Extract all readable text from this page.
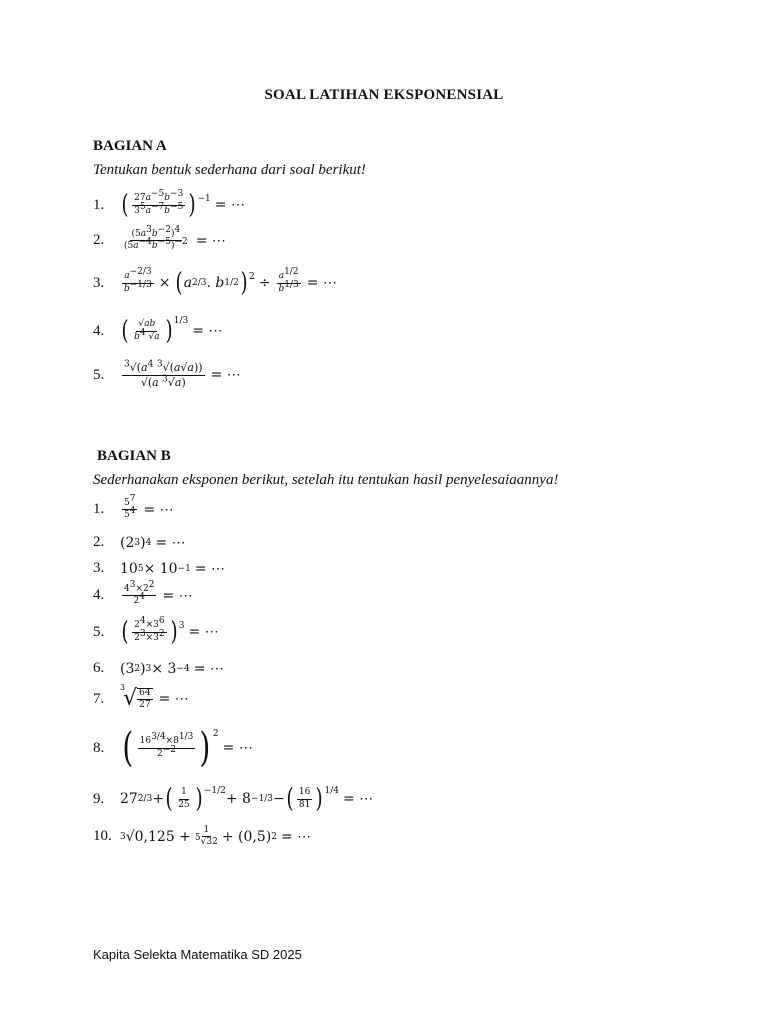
SOAL LATIHAN EKSPONENSIAL
BAGIAN A
Tentukan bentuk sederhana dari soal berikut!
1. ( $\frac{27𝑎^{-5}𝑏^{-3}}{3^5𝑎^{-7}𝑏^{-5}} )^{-1}$ = ⋯
2.	$\frac{(5𝑎^3𝑏^{-2})^4}{(5𝑎^{-4}𝑏^{-5})^{-2}}$ = ⋯
3.	$\frac{𝑎^{-2/3}}{𝑏^{-1/3}}$ × ( 𝑎 2/3 . 𝑏 1/2 )$^2 \div \frac{𝑎^{1/2}}{𝑏^{1/3}}$ = ⋯
4. ( $\frac{\text{√𝑎𝑏}}{𝑏^4 √𝑎} )^{1/3}$
= ⋯
5.	$\frac{^3√(𝑎^4 ^3√(𝑎√𝑎))}{√(𝑎 ^3√𝑎)}$ = ⋯
BAGIAN B
Sederhanakan eksponen berikut, setelah itu tentukan hasil penyelesaiaannya!
1.	$\frac{5^7}{5^4}$ = ⋯
2.	(2 3 ) 4 = ⋯
3.	10 5 × 10 −1 = ⋯
4.	$\frac{4^3\times 2^2}{2^4}$ = ⋯
5. ( $\frac{2^4\times 3^6}{2^3\times 3^2} )^3$ = ⋯
6.	(3 2 ) 3 × 3 −4 = ⋯
7.
3
√ $\frac{64}{27}$ = ⋯
8. ( $\frac{16^{3/4}\times 8^{1/3}}{2^{-2}}$ ) $^2$
= ⋯
9.	27 2/3 + ( $\frac{1}{25} )^{-1/2} + 8 -1/3$ − ( $\frac{16}{81} )^{1/4}$ = ⋯
10. 3 $√0,125 + \frac{1}{^5√32} + (0,5) 2$ = ⋯
Kapita Selekta Matematika SD 2025
